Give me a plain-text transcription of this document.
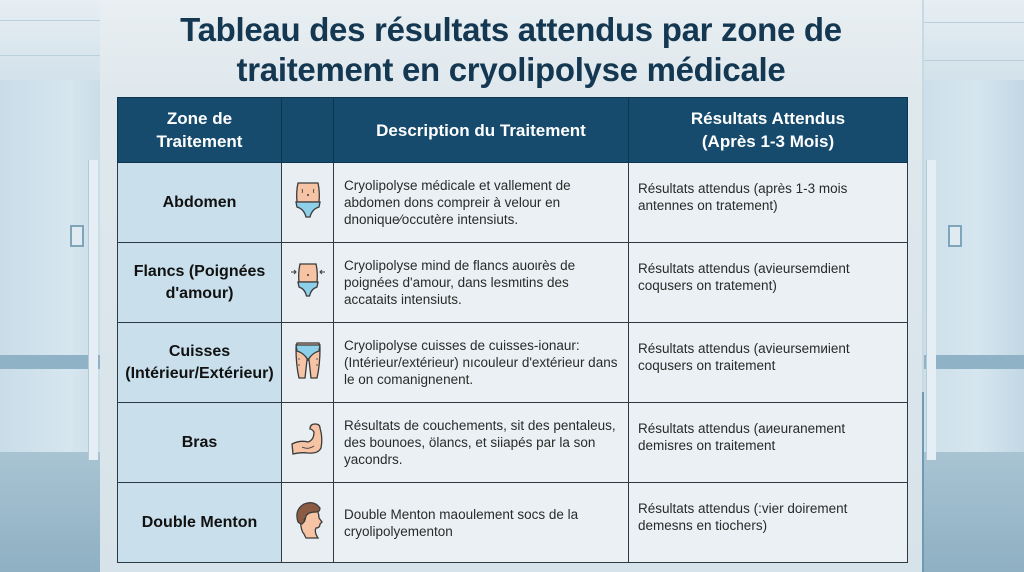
Tableau des résultats attendus par zone de traitement en cryolipolyse médicale
Zone de Traitement		Description du Traitement	Résultats Attendus (Après 1-3 Mois)
Abdomen		Cryolipolyse médicale et vallement de abdomen dons compreir à velour en dnonique⁄occutère intensiuts.	Résultats attendus (après 1-3 mois antennes on tratement)

Flancs (Poignées d'amour)		Cryolipolyse mind de flancs auoιrès de poignées d'amour, dans lesmιtins des accataits intensiuts.	Résultats attendus (avieursemdient coqusers on tratement)

Cuisses (Intérieur/Extérieur)		Cryolipolyse cuisses de cuisses-ionaur: (Intérieur/extérieur) nıcouleur d'extérieur dans le on comanignenent.	Résultats attendus (avieursemᴎient coqusers on traitement

Bras		Résultats de couchements, sit des pentaleus, des bounoes, ölancs, et siiapés par la son yacondrs.	Résultats attendus (aᴎeuranement demisres on traitement

Double Menton		Double Menton maoulement socs de la cryolipolyementon	Résultats attendus (:vier doirement demesns en tiochers)
